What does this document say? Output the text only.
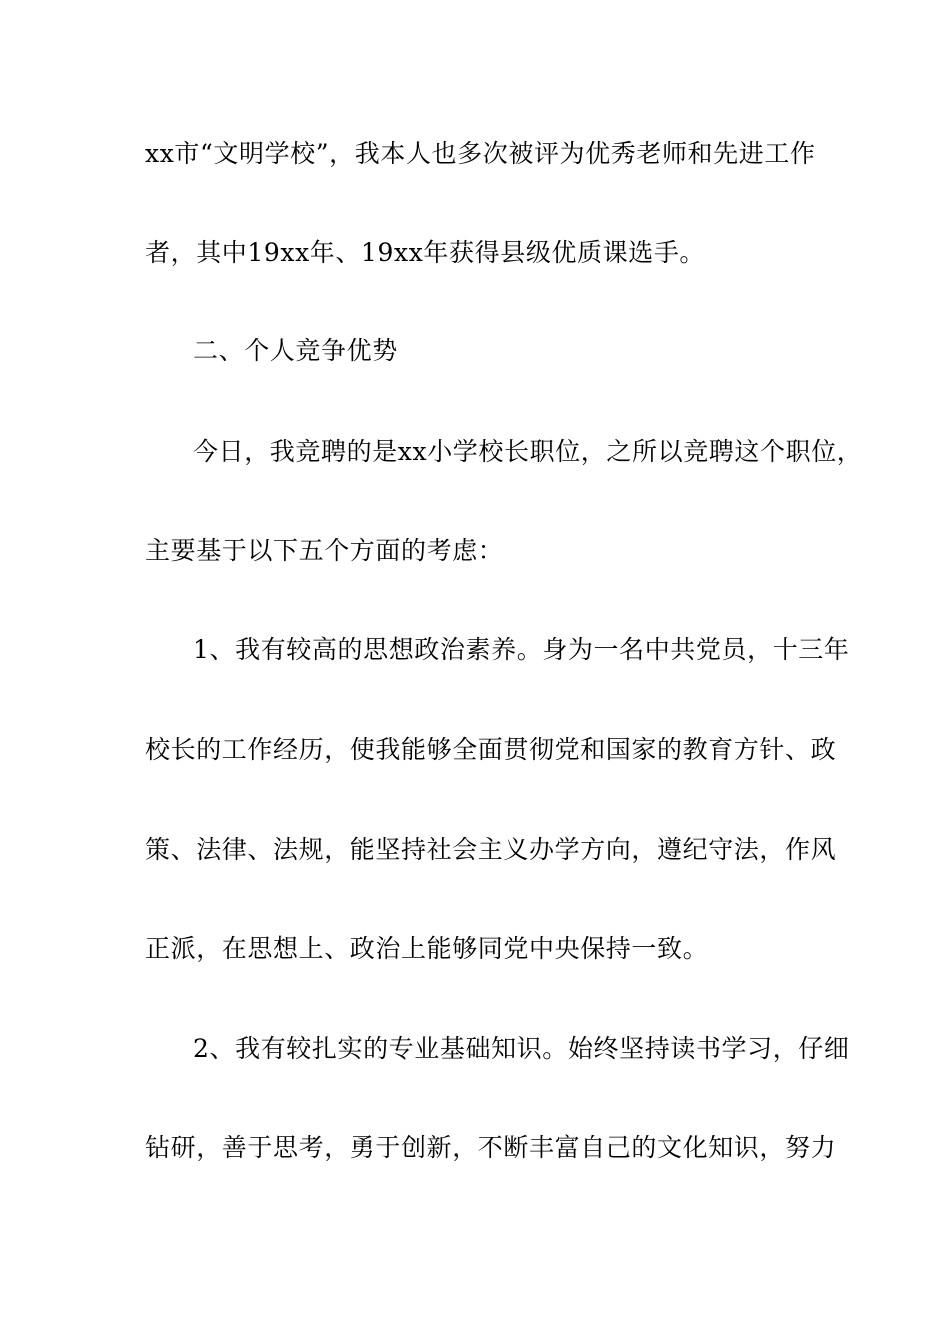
xx市“文明学校”，我本人也多次被评为优秀老师和先进工作
者，其中19xx年、19xx年获得县级优质课选手。
二、个人竞争优势
今日，我竞聘的是xx小学校长职位，之所以竞聘这个职位，
主要基于以下五个方面的考虑：
1、我有较高的思想政治素养。身为一名中共党员，十三年
校长的工作经历，使我能够全面贯彻党和国家的教育方针、政
策、法律、法规，能坚持社会主义办学方向，遵纪守法，作风
正派，在思想上、政治上能够同党中央保持一致。
2、我有较扎实的专业基础知识。始终坚持读书学习，仔细
钻研，善于思考，勇于创新，不断丰富自己的文化知识，努力
